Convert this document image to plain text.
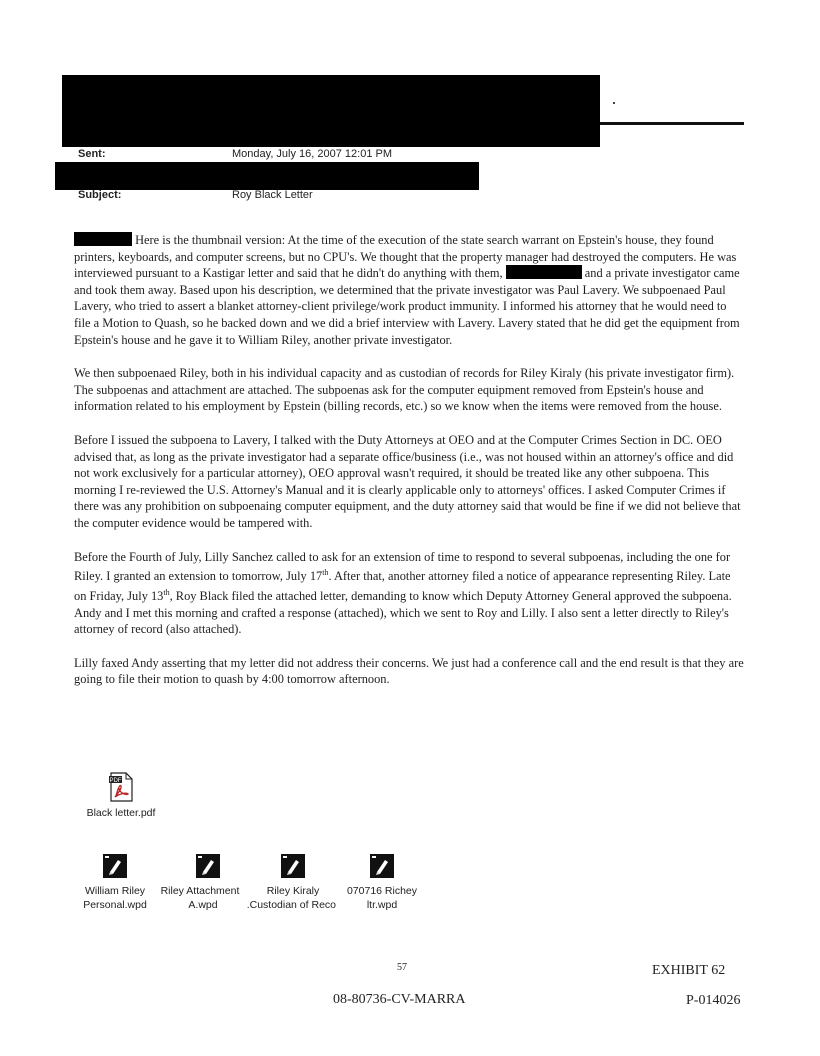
Sent:	Monday, July 16, 2007 12:01 PM
Subject:	Roy Black Letter

Here is the thumbnail version: At the time of the execution of the state search warrant on Epstein's house, they found printers, keyboards, and computer screens, but no CPU's. We thought that the property manager had destroyed the computers. He was interviewed pursuant to a Kastigar letter and said that he didn't do anything with them,	and a private investigator came and took them away. Based upon his description, we determined that the private investigator was Paul Lavery. We subpoenaed Paul Lavery, who tried to assert a blanket attorney-client privilege/work product immunity. I informed his attorney that he would need to file a Motion to Quash, so he backed down and we did a brief interview with Lavery. Lavery stated that he did get the equipment from Epstein's house and he gave it to William Riley, another private investigator.

We then subpoenaed Riley, both in his individual capacity and as custodian of records for Riley Kiraly (his private investigator firm). The subpoenas and attachment are attached. The subpoenas ask for the computer equipment removed from Epstein's house and information related to his employment by Epstein (billing records, etc.) so we know when the items were removed from the house.

Before I issued the subpoena to Lavery, I talked with the Duty Attorneys at OEO and at the Computer Crimes Section in DC. OEO advised that, as long as the private investigator had a separate office/business (i.e., was not housed within an attorney's office and did not work exclusively for a particular attorney), OEO approval wasn't required, it should be treated like any other subpoena. This morning I re-reviewed the U.S. Attorney's Manual and it is clearly applicable only to attorneys' offices. I asked Computer Crimes if there was any prohibition on subpoenaing computer equipment, and the duty attorney said that would be fine if we did not believe that the computer evidence would be tampered with.

Before the Fourth of July, Lilly Sanchez called to ask for an extension of time to respond to several subpoenas, including the one for Riley. I granted an extension to tomorrow, July 17th. After that, another attorney filed a notice of appearance representing Riley. Late on Friday, July 13th, Roy Black filed the attached letter, demanding to know which Deputy Attorney General approved the subpoena. Andy and I met this morning and crafted a response (attached), which we sent to Roy and Lilly. I also sent a letter directly to Riley's attorney of record (also attached).

Lilly faxed Andy asserting that my letter did not address their concerns. We just had a conference call and the end result is that they are going to file their motion to quash by 4:00 tomorrow afternoon.

PDF
Black letter.pdf
William Riley
Personal.wpd
Riley Attachment
A.wpd
Riley Kiraly
Custodian of Reco.
070716 Richey
ltr.wpd
57	EXHIBIT 62
08-80736-CV-MARRA	P-014026
